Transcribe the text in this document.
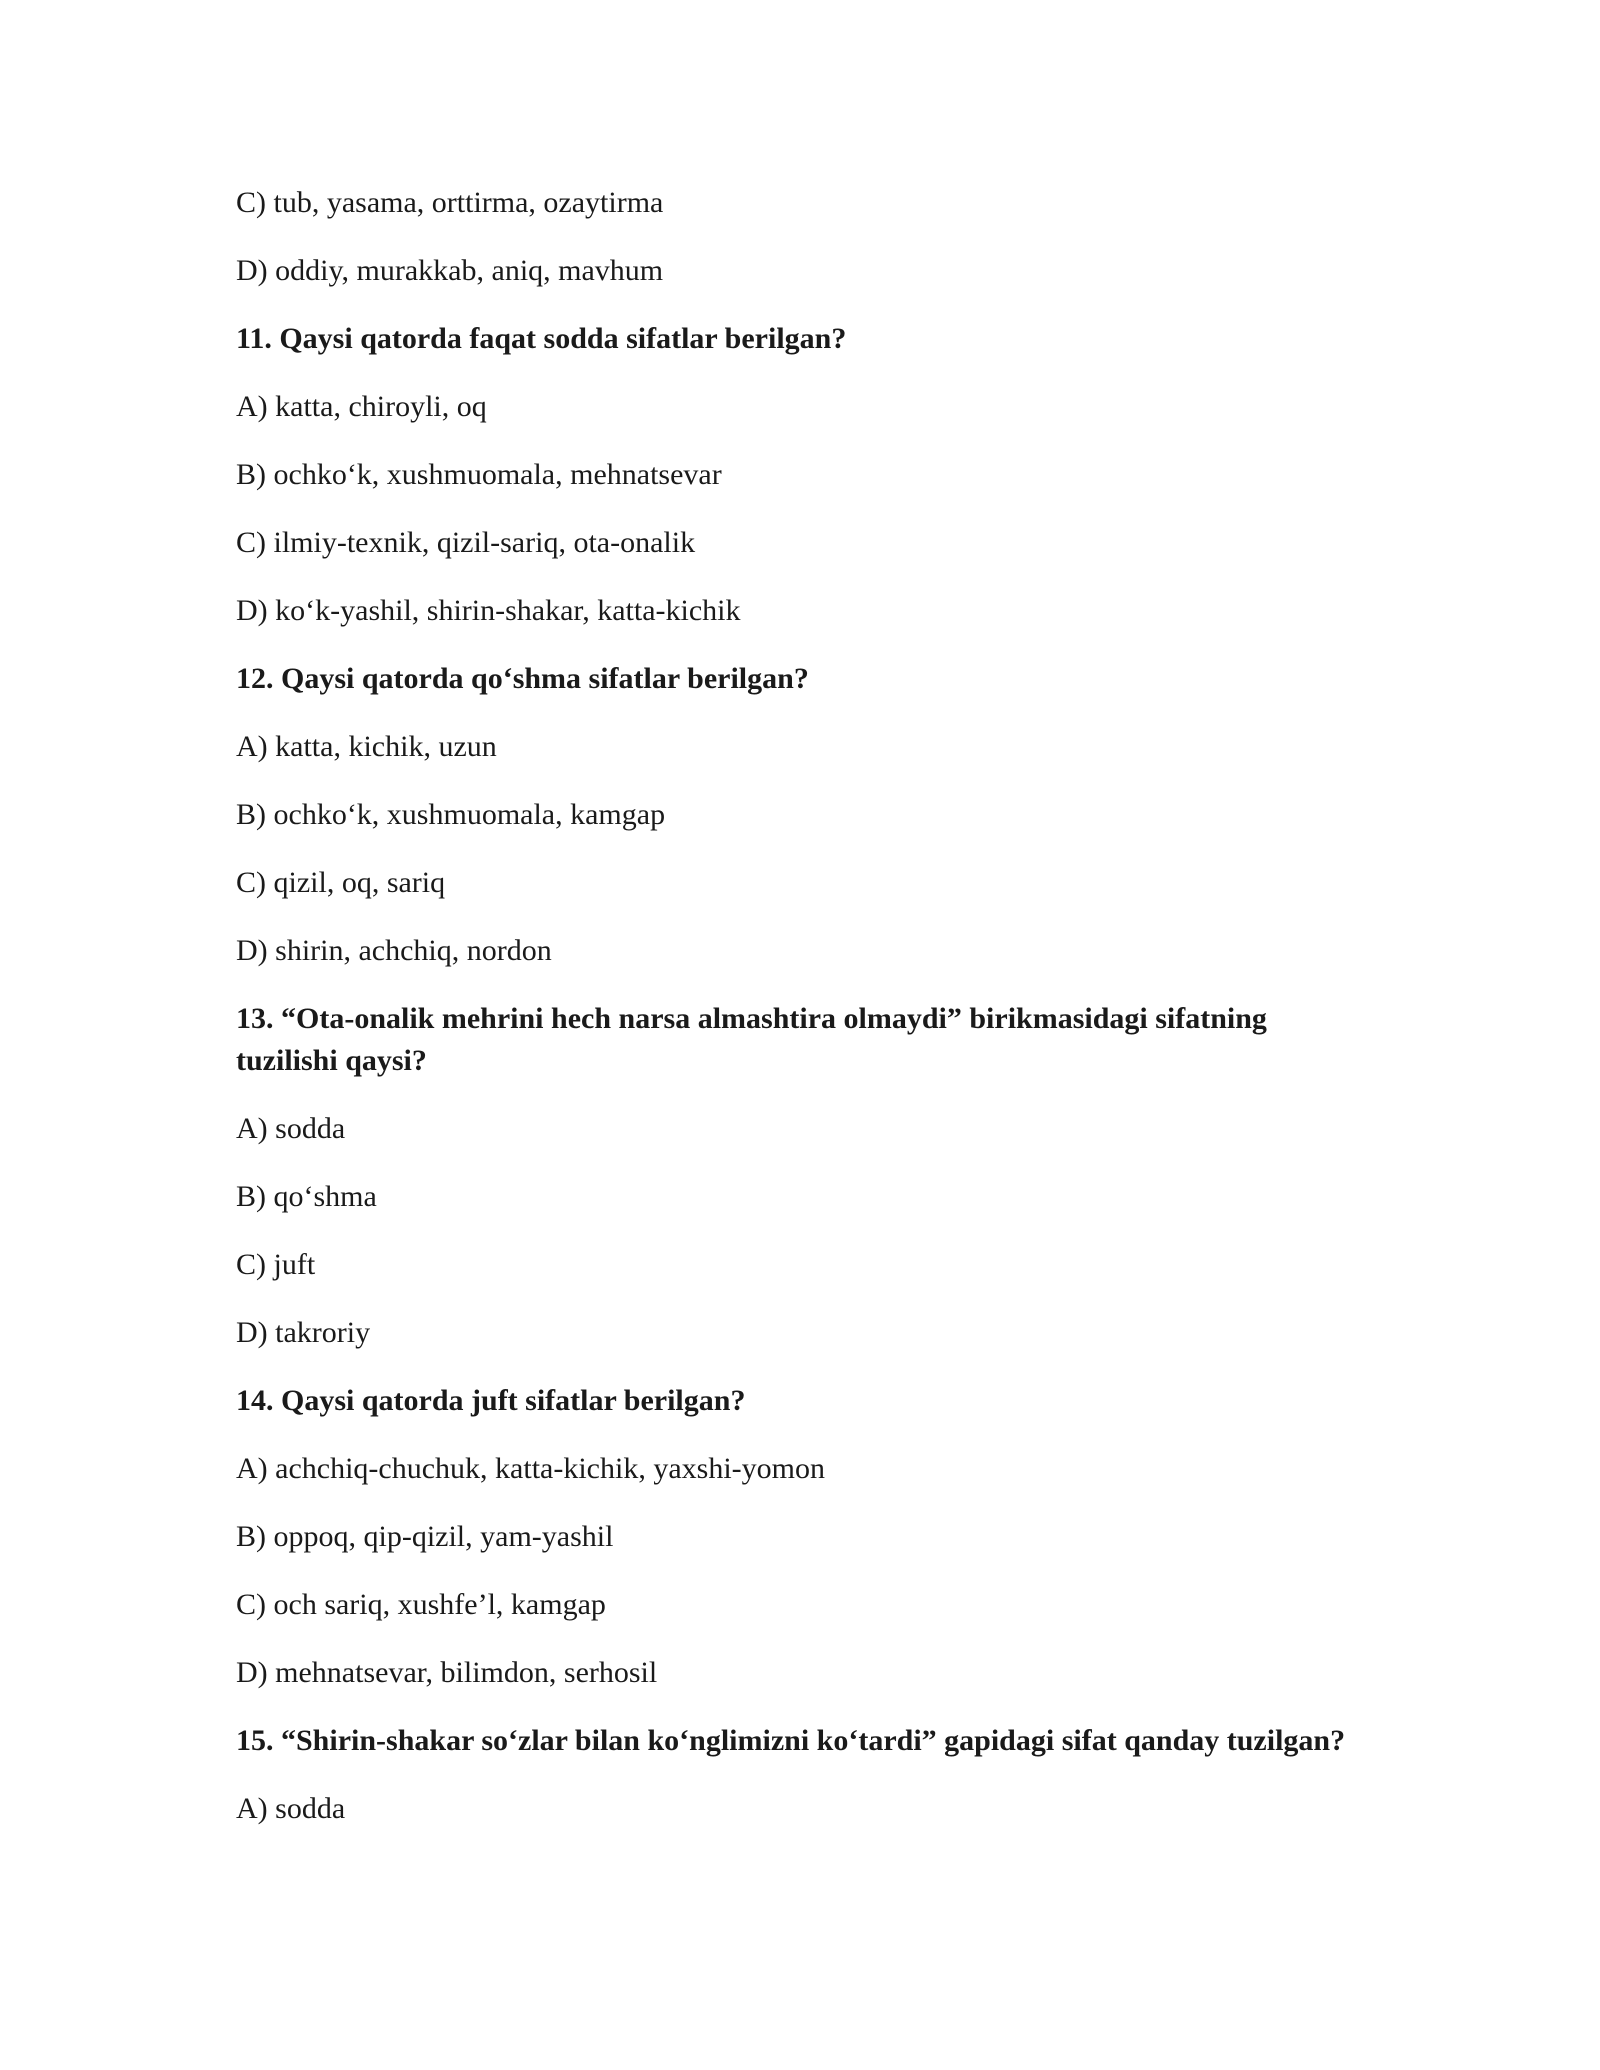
C) tub, yasama, orttirma, ozaytirma
D) oddiy, murakkab, aniq, mavhum
11. Qaysi qatorda faqat sodda sifatlar berilgan?
A) katta, chiroyli, oq
B) ochko‘k, xushmuomala, mehnatsevar
C) ilmiy-texnik, qizil-sariq, ota-onalik
D) ko‘k-yashil, shirin-shakar, katta-kichik
12. Qaysi qatorda qo‘shma sifatlar berilgan?
A) katta, kichik, uzun
B) ochko‘k, xushmuomala, kamgap
C) qizil, oq, sariq
D) shirin, achchiq, nordon
13. “Ota-onalik mehrini hech narsa almashtira olmaydi” birikmasidagi sifatning tuzilishi qaysi?
A) sodda
B) qo‘shma
C) juft
D) takroriy
14. Qaysi qatorda juft sifatlar berilgan?
A) achchiq-chuchuk, katta-kichik, yaxshi-yomon
B) oppoq, qip-qizil, yam-yashil
C) och sariq, xushfe’l, kamgap
D) mehnatsevar, bilimdon, serhosil
15. “Shirin-shakar so‘zlar bilan ko‘nglimizni ko‘tardi” gapidagi sifat qanday tuzilgan?
A) sodda
